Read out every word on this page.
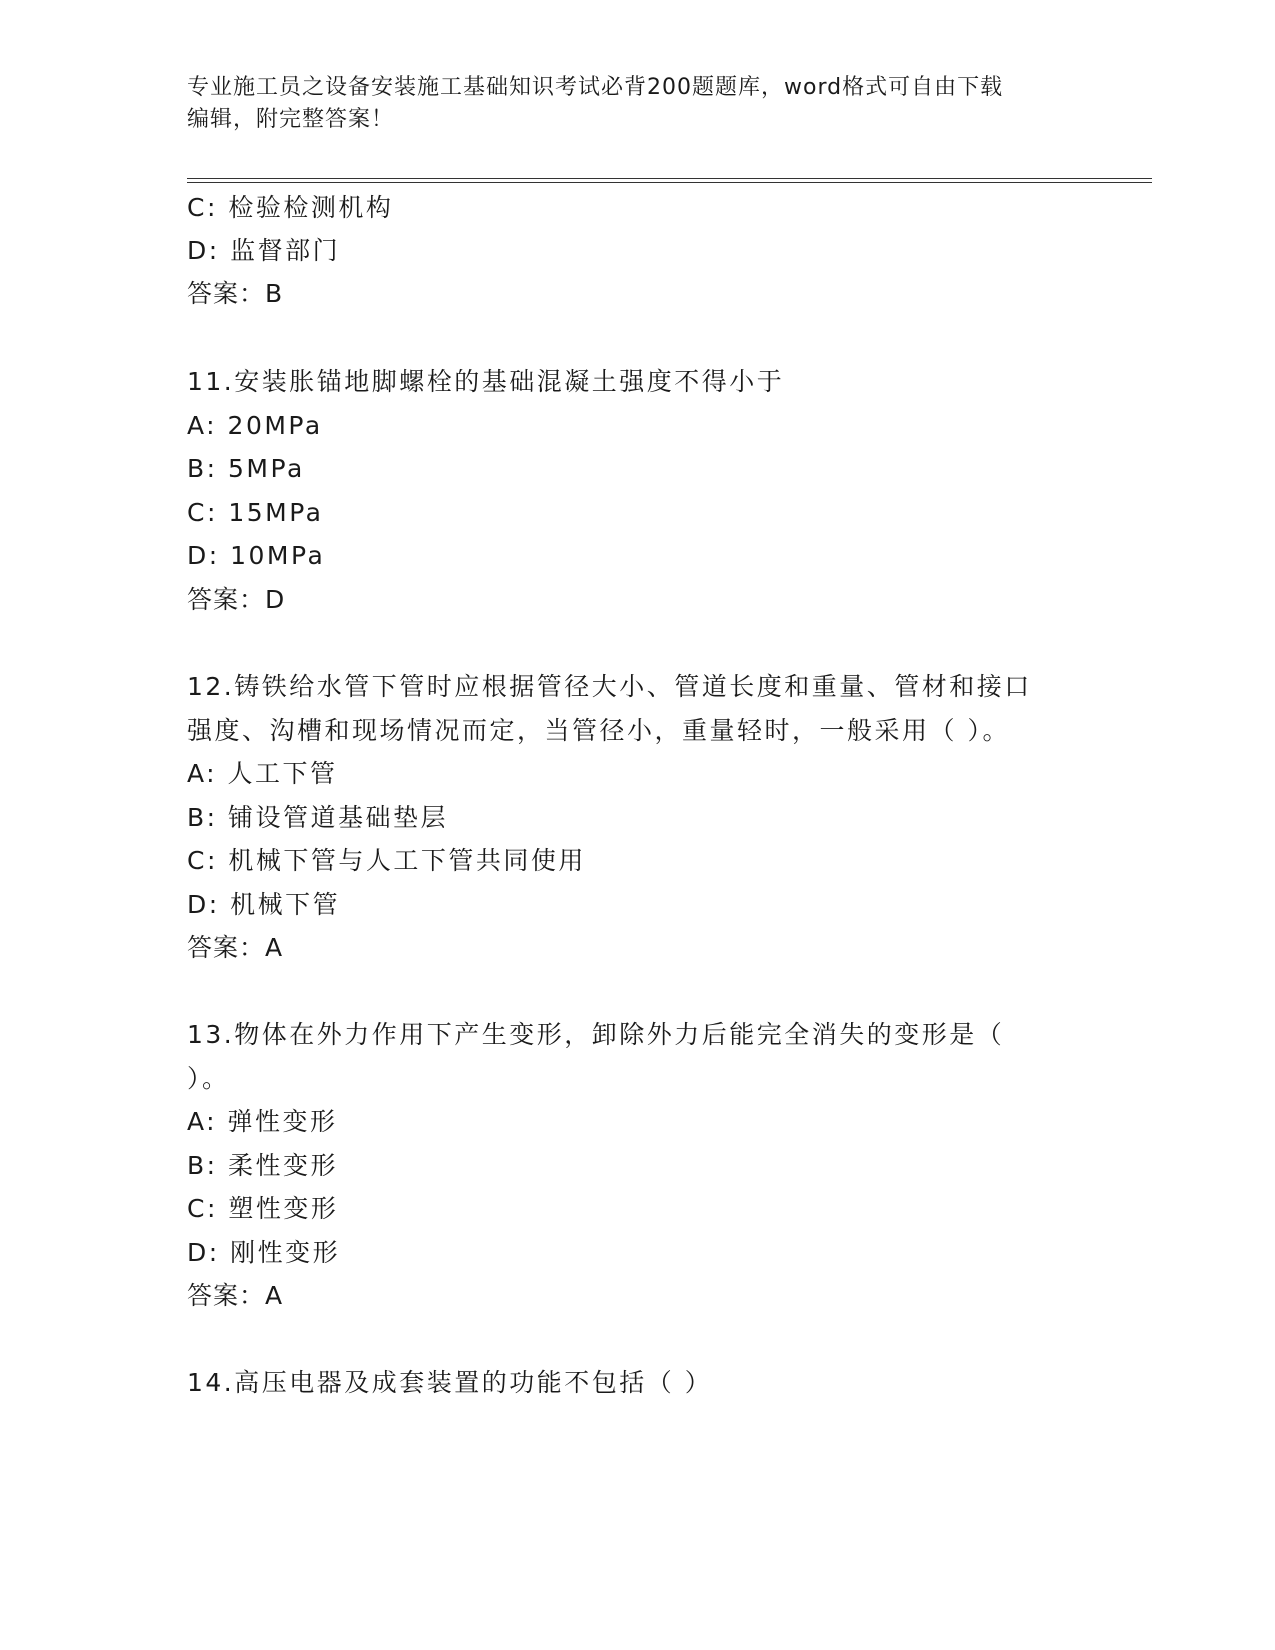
专业施工员之设备安装施工基础知识考试必背200题题库，word格式可自由下载
编辑，附完整答案！
C: 检验检测机构
D: 监督部门
答案：B
11.安装胀锚地脚螺栓的基础混凝土强度不得小于
A: 20MPa
B: 5MPa
C: 15MPa
D: 10MPa
答案：D
12.铸铁给水管下管时应根据管径大小、管道长度和重量、管材和接口
强度、沟槽和现场情况而定，当管径小，重量轻时，一般采用（ ）。
A: 人工下管
B: 铺设管道基础垫层
C: 机械下管与人工下管共同使用
D: 机械下管
答案：A
13.物体在外力作用下产生变形，卸除外力后能完全消失的变形是（
）。
A: 弹性变形
B: 柔性变形
C: 塑性变形
D: 刚性变形
答案：A
14.高压电器及成套装置的功能不包括（ ）
